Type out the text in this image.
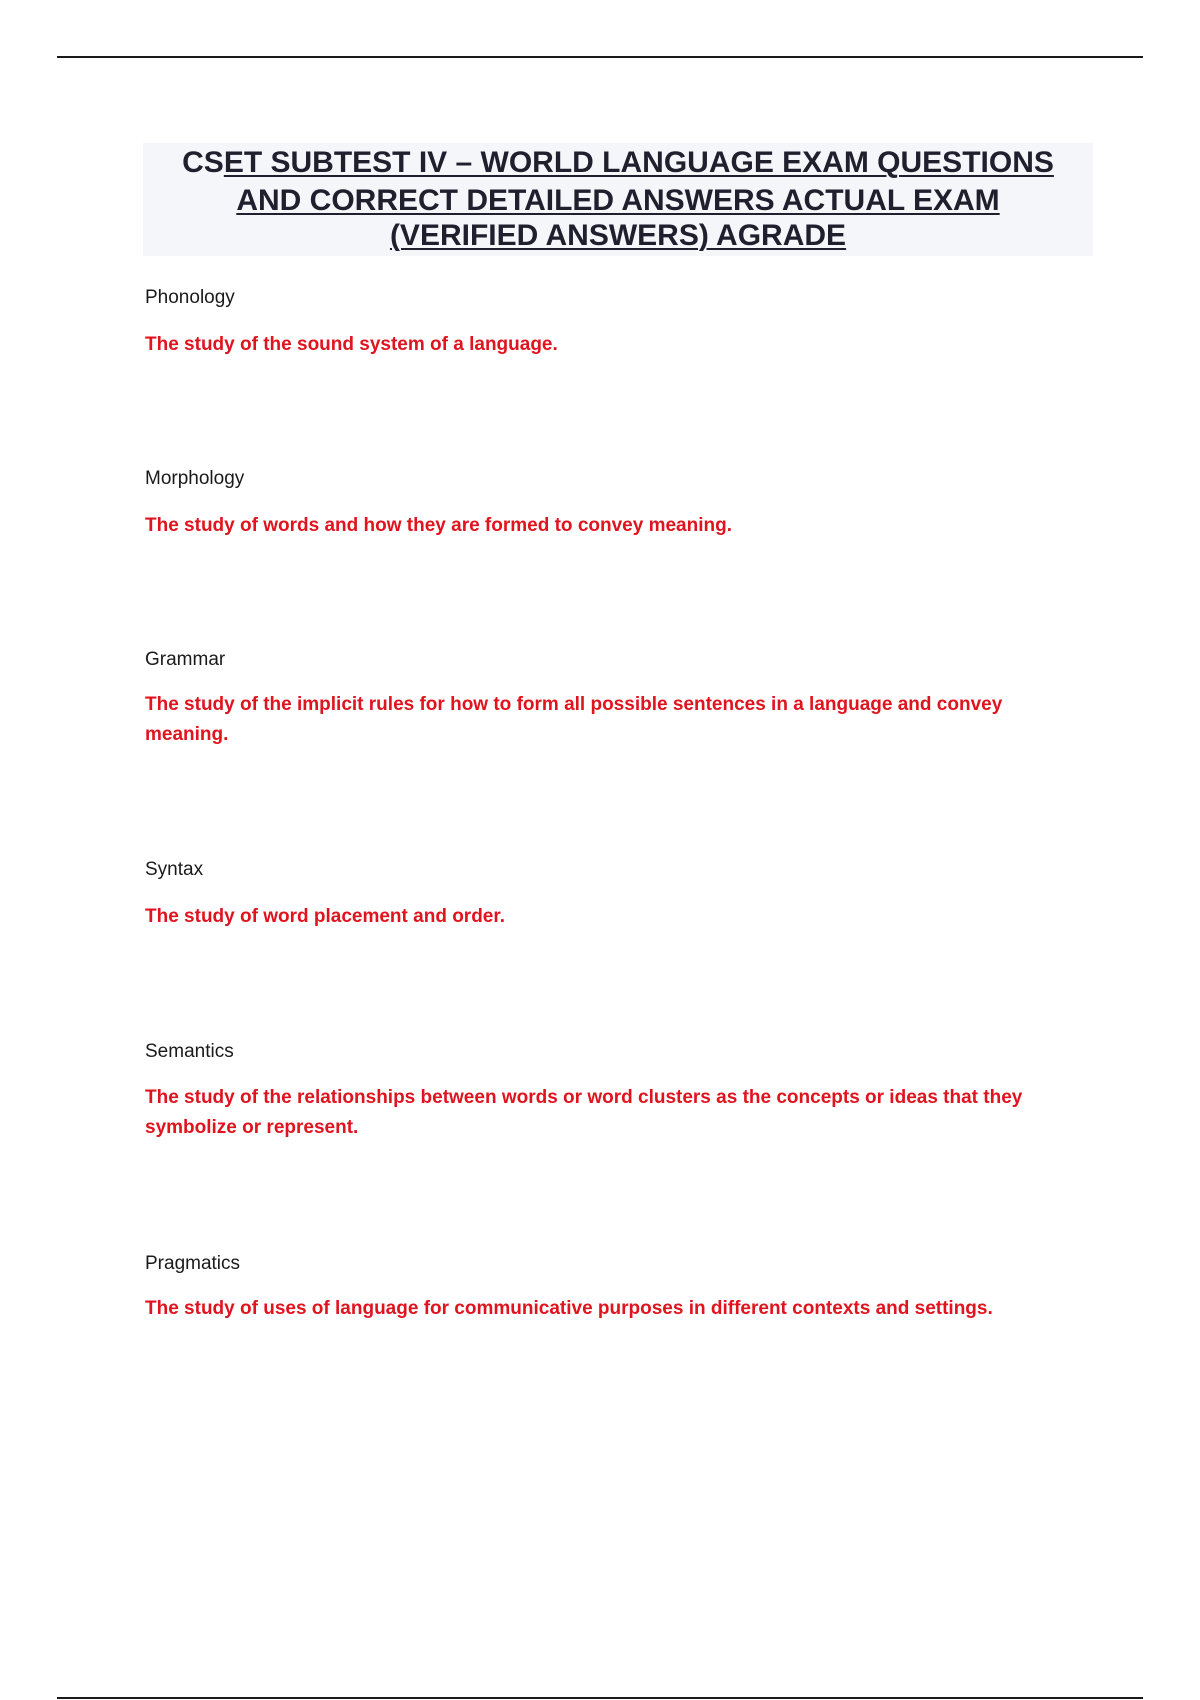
CSET SUBTEST IV – WORLD LANGUAGE EXAM QUESTIONS
AND CORRECT DETAILED ANSWERS ACTUAL EXAM
(VERIFIED ANSWERS) AGRADE
Phonology
The study of the sound system of a language.
Morphology
The study of words and how they are formed to convey meaning.
Grammar
The study of the implicit rules for how to form all possible sentences in a language and convey meaning.
Syntax
The study of word placement and order.
Semantics
The study of the relationships between words or word clusters as the concepts or ideas that they symbolize or represent.
Pragmatics
The study of uses of language for communicative purposes in different contexts and settings.
